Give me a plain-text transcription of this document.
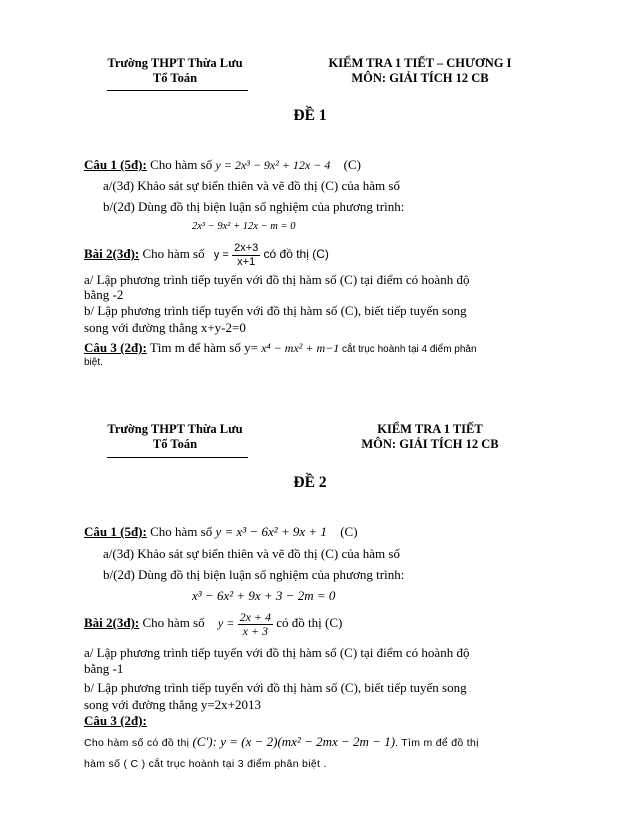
Trường THPT Thừa Lưu
Tổ Toán
KIỂM TRA 1 TIẾT – CHƯƠNG I
MÔN: GIẢI TÍCH 12 CB
ĐỀ 1
Câu 1 (5đ): Cho hàm số y = 2x³ − 9x² + 12x − 4 (C)
a/(3đ) Khảo sát sự biến thiên và vẽ đồ thị (C) của hàm số
b/(2đ) Dùng đồ thị biện luận số nghiệm của phương trình:
2x³ − 9x² + 12x − m = 0
Bài 2(3đ): Cho hàm số $y = \frac{2x+3}{x+1}$ có đồ thị (C)
a/ Lập phương trình tiếp tuyến với đồ thị hàm số (C) tại điểm có hoành độ
bằng -2
b/ Lập phương trình tiếp tuyến với đồ thị hàm số (C), biết tiếp tuyến song
song với đường thẳng x+y-2=0
Câu 3 (2đ): Tìm m để hàm số y= x⁴ − mx² + m−1 cắt trục hoành tại 4 điểm phân
biệt.
Trường THPT Thừa Lưu
Tổ Toán
KIỂM TRA 1 TIẾT
MÔN: GIẢI TÍCH 12 CB
ĐỀ 2
Câu 1 (5đ): Cho hàm số y = x³ − 6x² + 9x + 1 (C)
a/(3đ) Khảo sát sự biến thiên và vẽ đồ thị (C) của hàm số
b/(2đ) Dùng đồ thị biện luận số nghiệm của phương trình:
x³ − 6x² + 9x + 3 − 2m = 0
Bài 2(3đ): Cho hàm số $y = \frac{2x + 4}{x + 3}$ có đồ thị (C)
a/ Lập phương trình tiếp tuyến với đồ thị hàm số (C) tại điểm có hoành độ
bằng -1
b/ Lập phương trình tiếp tuyến với đồ thị hàm số (C), biết tiếp tuyến song
song với đường thẳng y=2x+2013
Câu 3 (2đ):
Cho hàm số có đồ thị (C′): y = (x − 2)(mx² − 2mx − 2m − 1). Tìm m để đồ thị
hàm số ( C ) cắt trục hoành tại 3 điểm phân biệt .
